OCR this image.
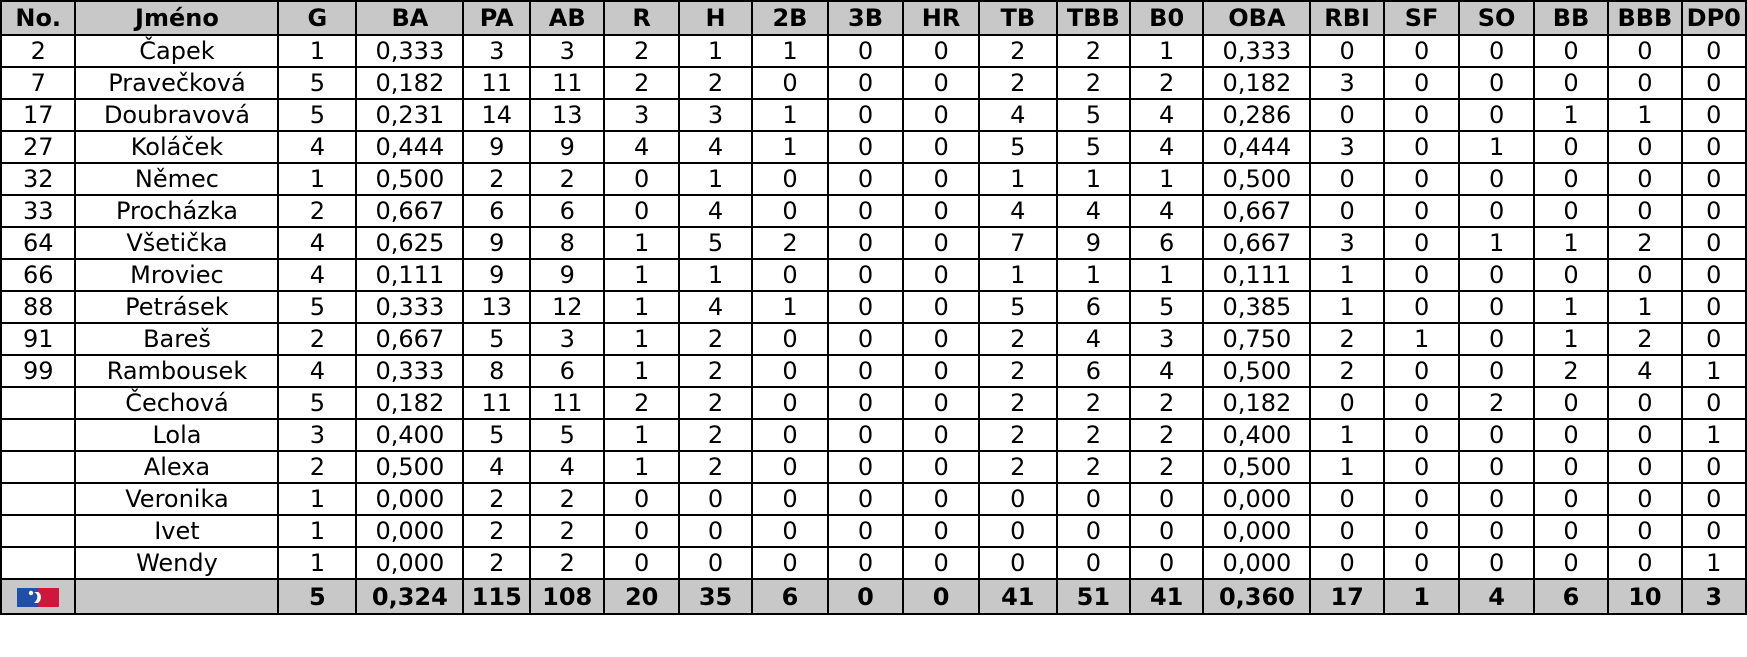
No.	Jméno	G	BA	PA	AB	R	H	2B	3B	HR	TB	TBB	B0	OBA	RBI	SF	SO	BB	BBB	DP0
2	Čapek	1	0,333	3	3	2	1	1	0	0	2	2	1	0,333	0	0	0	0	0	0
7	Pravečková	5	0,182	11	11	2	2	0	0	0	2	2	2	0,182	3	0	0	0	0	0
17	Doubravová	5	0,231	14	13	3	3	1	0	0	4	5	4	0,286	0	0	0	1	1	0
27	Koláček	4	0,444	9	9	4	4	1	0	0	5	5	4	0,444	3	0	1	0	0	0
32	Němec	1	0,500	2	2	0	1	0	0	0	1	1	1	0,500	0	0	0	0	0	0
33	Procházka	2	0,667	6	6	0	4	0	0	0	4	4	4	0,667	0	0	0	0	0	0
64	Všetička	4	0,625	9	8	1	5	2	0	0	7	9	6	0,667	3	0	1	1	2	0
66	Mroviec	4	0,111	9	9	1	1	0	0	0	1	1	1	0,111	1	0	0	0	0	0
88	Petrásek	5	0,333	13	12	1	4	1	0	0	5	6	5	0,385	1	0	0	1	1	0
91	Bareš	2	0,667	5	3	1	2	0	0	0	2	4	3	0,750	2	1	0	1	2	0
99	Rambousek	4	0,333	8	6	1	2	0	0	0	2	6	4	0,500	2	0	0	2	4	1
	Čechová	5	0,182	11	11	2	2	0	0	0	2	2	2	0,182	0	0	2	0	0	0
	Lola	3	0,400	5	5	1	2	0	0	0	2	2	2	0,400	1	0	0	0	0	1
	Alexa	2	0,500	4	4	1	2	0	0	0	2	2	2	0,500	1	0	0	0	0	0
	Veronika	1	0,000	2	2	0	0	0	0	0	0	0	0	0,000	0	0	0	0	0	0
	Ivet	1	0,000	2	2	0	0	0	0	0	0	0	0	0,000	0	0	0	0	0	0
	Wendy	1	0,000	2	2	0	0	0	0	0	0	0	0	0,000	0	0	0	0	0	1
		5	0,324	115	108	20	35	6	0	0	41	51	41	0,360	17	1	4	6	10	3
